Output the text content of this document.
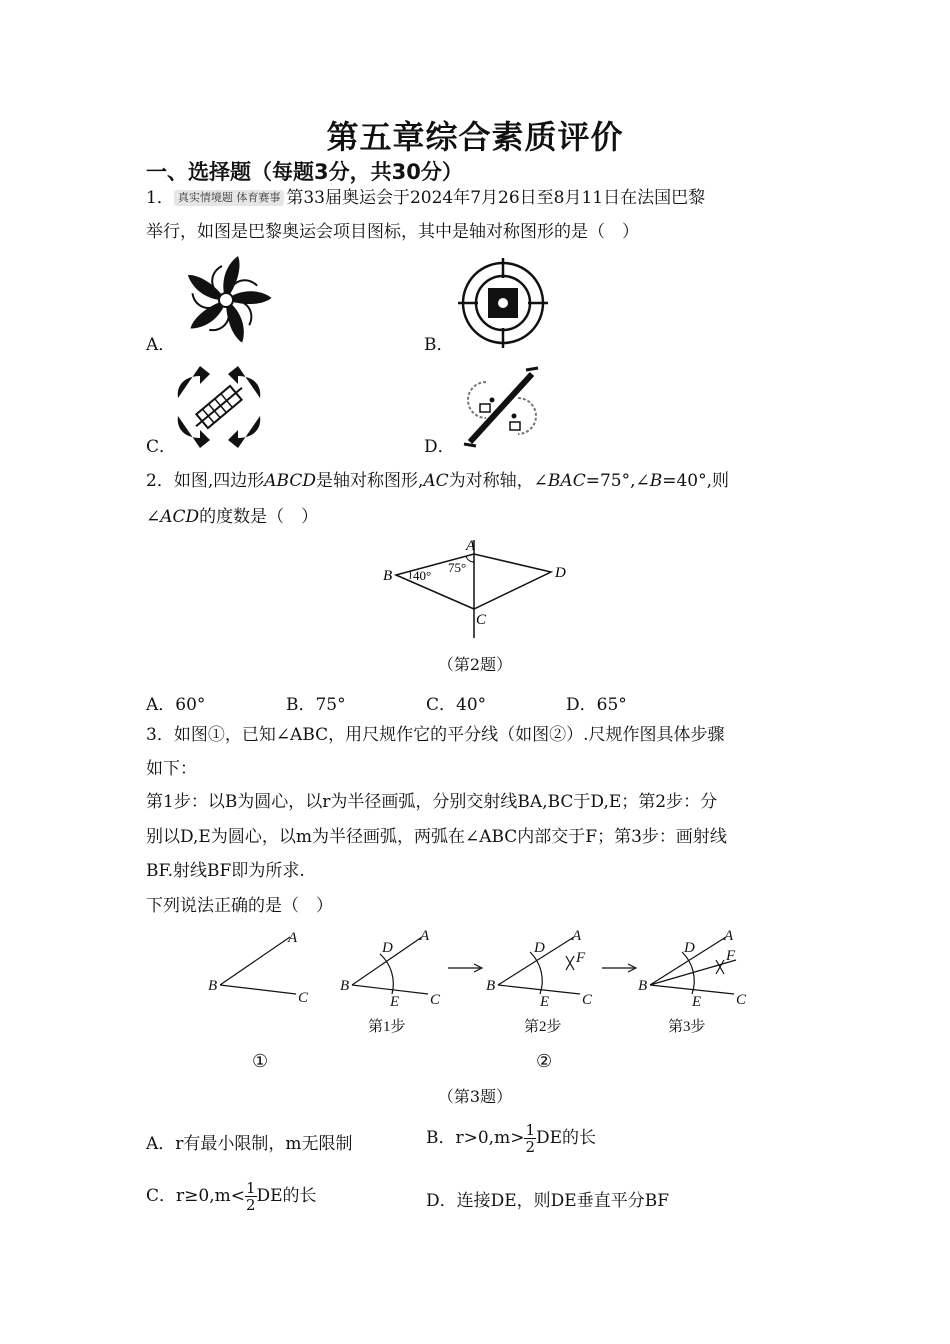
第五章综合素质评价
一、选择题（每题3分，共30分）
1． 真实情境题 体育赛事 第33届奥运会于2024年7月26日至8月11日在法国巴黎
举行，如图是巴黎奥运会项目图标，其中是轴对称图形的是（　）
A．	B．
C．	D．
2．如图,四边形ABCD是轴对称图形,AC为对称轴，∠BAC=75°,∠B=40°,则
∠ACD的度数是（　）
A
B
C
D
40°
75°
（第2题）
A．60°	B．75°	C．40°	D．65°
3．如图①，已知∠ABC，用尺规作它的平分线（如图②）.尺规作图具体步骤
如下：
第1步：以B为圆心，以r为半径画弧，分别交射线BA,BC于D,E；第2步：分
别以D,E为圆心，以m为半径画弧，两弧在∠ABC内部交于F；第3步：画射线
BF.射线BF即为所求.
下列说法正确的是（　）
A
B
C
A
B
C
D
E
A
B
C
D
E
F
A
B
C
D
E
F
第1步	第2步	第3步
①	②
（第3题）
A．r有最小限制，m无限制	B．$r>0,m> \frac{1}{2}$ DE的长
C．$r\ge 0,m< \frac{1}{2}$ DE的长	D．连接DE，则DE垂直平分BF
